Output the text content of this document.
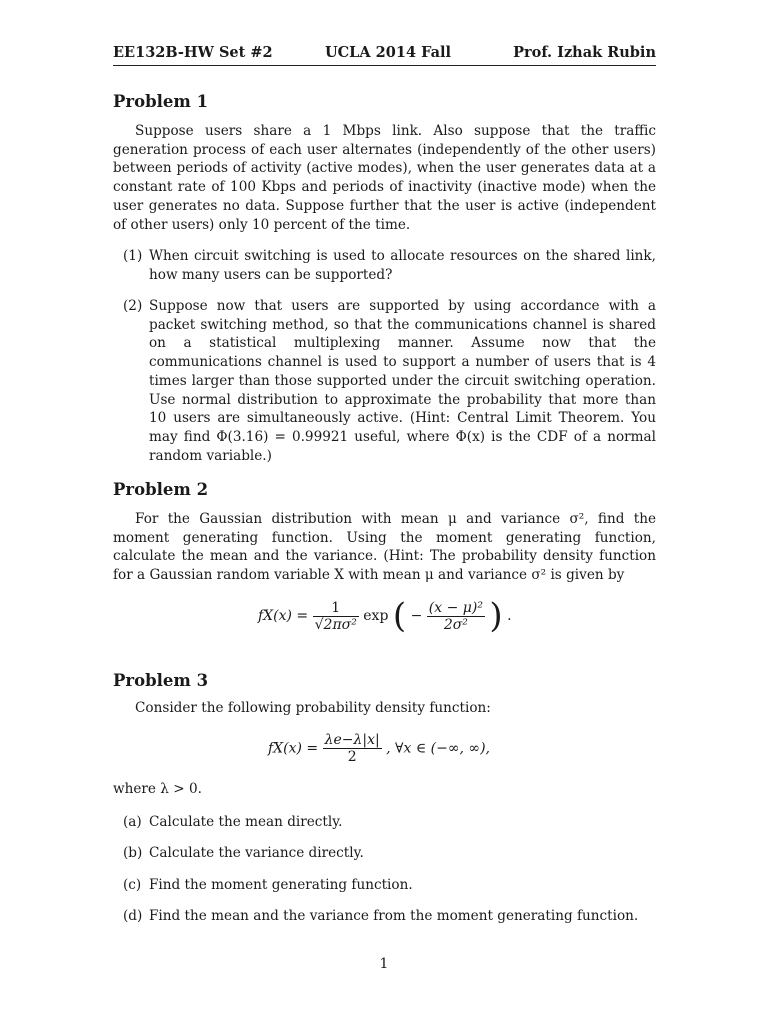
EE132B-HW Set #2	UCLA 2014 Fall	Prof. Izhak Rubin
Problem 1
Suppose users share a 1 Mbps link. Also suppose that the traffic generation process of each user alternates (independently of the other users) between periods of activity (active modes), when the user generates data at a constant rate of 100 Kbps and periods of inactivity (inactive mode) when the user generates no data. Suppose further that the user is active (independent of other users) only 10 percent of the time.
(1) When circuit switching is used to allocate resources on the shared link, how many users can be supported?
(2) Suppose now that users are supported by using accordance with a packet switching method, so that the communications channel is shared on a statistical multiplexing manner. Assume now that the communications channel is used to support a number of users that is 4 times larger than those supported under the circuit switching operation. Use normal distribution to approximate the probability that more than 10 users are simultaneously active. (Hint: Central Limit Theorem. You may find Φ(3.16) = 0.99921 useful, where Φ(x) is the CDF of a normal random variable.)
Problem 2
For the Gaussian distribution with mean μ and variance σ², find the moment generating function. Using the moment generating function, calculate the mean and the variance. (Hint: The probability density function for a Gaussian random variable X with mean μ and variance σ² is given by
$fX(x) = \frac{1}{\text{√2πσ²}}$ exp ( − $\frac{\text{(x − μ)²}}{\text{2σ²}}$ ) .
Problem 3
Consider the following probability density function:
$fX(x) = \frac{\lambda e-\lambda|x|}{2}$ , ∀x ∈ (−∞, ∞),
where λ > 0.
(a) Calculate the mean directly.
(b) Calculate the variance directly.
(c) Find the moment generating function.
(d) Find the mean and the variance from the moment generating function.
1
